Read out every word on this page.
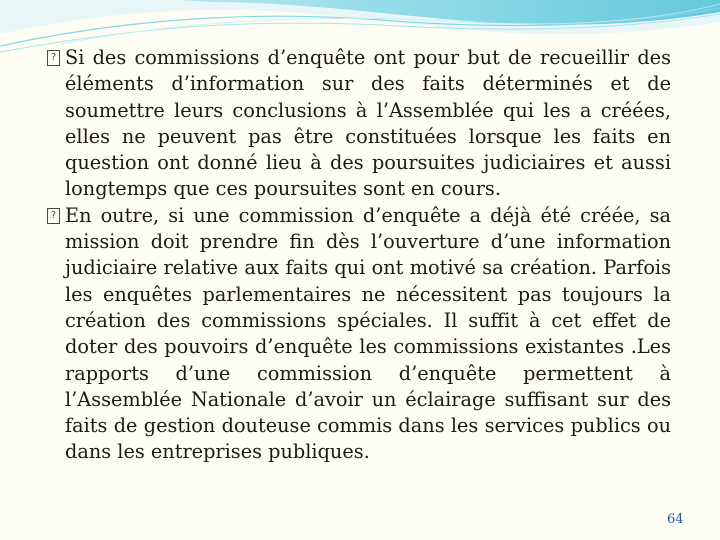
? Si des commissions d’enquête ont pour but de recueillir des éléments d’information sur des faits déterminés et de soumettre leurs conclusions à l’Assemblée qui les a créées, elles ne peuvent pas être constituées lorsque les faits en question ont donné lieu à des poursuites judiciaires et aussi longtemps que ces poursuites sont en cours.

? En outre, si une commission d’enquête a déjà été créée, sa mission doit prendre fin dès l’ouverture d’une information judiciaire relative aux faits qui ont motivé sa création. Parfois les enquêtes parlementaires ne nécessitent pas toujours la création des commissions spéciales. Il suffit à cet effet de doter des pouvoirs d’enquête les commissions existantes .Les rapports d’une commission d’enquête permettent à l’Assemblée Nationale d’avoir un éclairage suffisant sur des faits de gestion douteuse commis dans les services publics ou dans les entreprises publiques.

64
